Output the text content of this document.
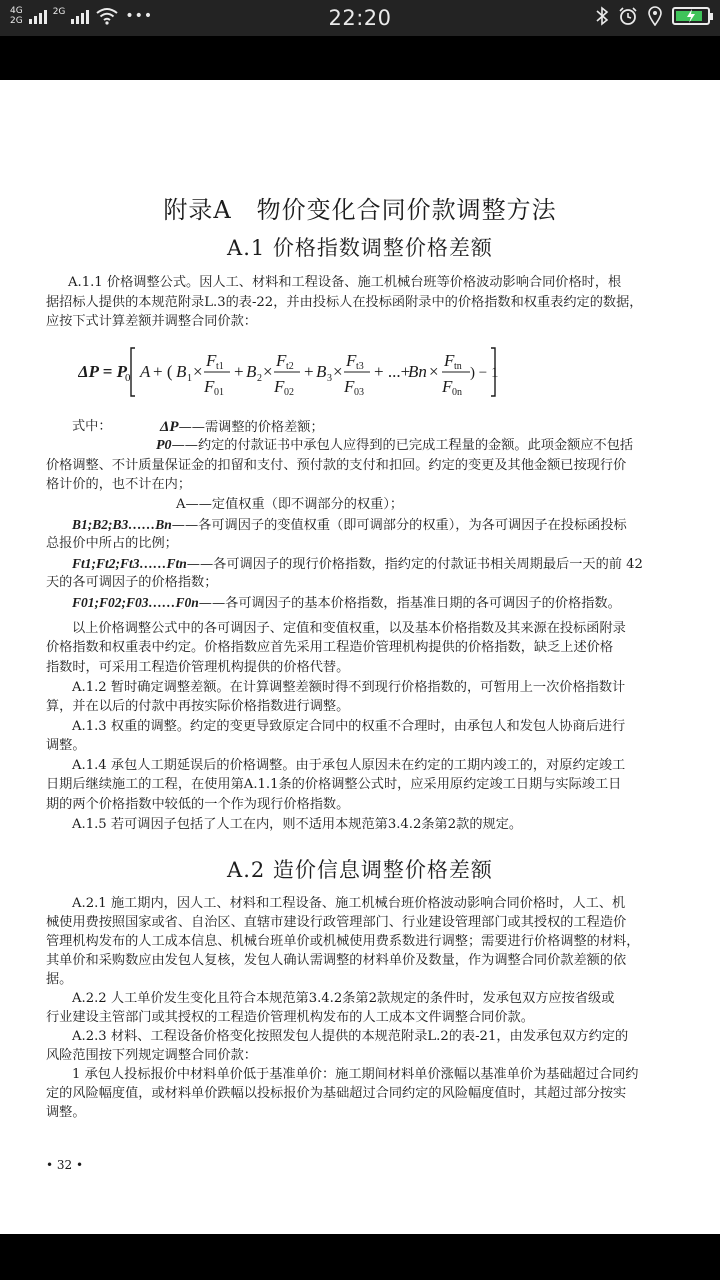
4G
2G
2G	•••	22:20
附录A　物价变化合同价款调整方法
A.1 价格指数调整价格差额
A.1.1 价格调整公式。因人工、材料和工程设备、施工机械台班等价格波动影响合同价格时，根
据招标人提供的本规范附录L.3的表-22，并由投标人在投标函附录中的价格指数和权重表约定的数据，
应按下式计算差额并调整合同价款：
ΔP = P
0 A + ( B 1 ×
F t1
F 01
+ B 2 ×
F t2
F 02
+ B 3 ×
F t3
F 03
+ ...+
Bn ×
F tn
F 0n
) − 1
式中：	ΔP——需调整的价格差额；
P0——约定的付款证书中承包人应得到的已完成工程量的金额。此项金额应不包括
价格调整、不计质量保证金的扣留和支付、预付款的支付和扣回。约定的变更及其他金额已按现行价
格计价的，也不计在内；
A——定值权重（即不调部分的权重）；
B1;B2;B3……Bn——各可调因子的变值权重（即可调部分的权重），为各可调因子在投标函投标
总报价中所占的比例；
Ft1;Ft2;Ft3……Ftn——各可调因子的现行价格指数，指约定的付款证书相关周期最后一天的前 42
天的各可调因子的价格指数；
F01;F02;F03……F0n——各可调因子的基本价格指数，指基准日期的各可调因子的价格指数。
以上价格调整公式中的各可调因子、定值和变值权重，以及基本价格指数及其来源在投标函附录
价格指数和权重表中约定。价格指数应首先采用工程造价管理机构提供的价格指数，缺乏上述价格
指数时，可采用工程造价管理机构提供的价格代替。
A.1.2 暂时确定调整差额。在计算调整差额时得不到现行价格指数的，可暂用上一次价格指数计
算，并在以后的付款中再按实际价格指数进行调整。
A.1.3 权重的调整。约定的变更导致原定合同中的权重不合理时，由承包人和发包人协商后进行
调整。
A.1.4 承包人工期延误后的价格调整。由于承包人原因未在约定的工期内竣工的，对原约定竣工
日期后继续施工的工程，在使用第A.1.1条的价格调整公式时，应采用原约定竣工日期与实际竣工日
期的两个价格指数中较低的一个作为现行价格指数。
A.1.5 若可调因子包括了人工在内，则不适用本规范第3.4.2条第2款的规定。
A.2 造价信息调整价格差额
A.2.1 施工期内，因人工、材料和工程设备、施工机械台班价格波动影响合同价格时，人工、机
械使用费按照国家或省、自治区、直辖市建设行政管理部门、行业建设管理部门或其授权的工程造价
管理机构发布的人工成本信息、机械台班单价或机械使用费系数进行调整；需要进行价格调整的材料，
其单价和采购数应由发包人复核，发包人确认需调整的材料单价及数量，作为调整合同价款差额的依
据。
A.2.2 人工单价发生变化且符合本规范第3.4.2条第2款规定的条件时，发承包双方应按省级或
行业建设主管部门或其授权的工程造价管理机构发布的人工成本文件调整合同价款。
A.2.3 材料、工程设备价格变化按照发包人提供的本规范附录L.2的表-21，由发承包双方约定的
风险范围按下列规定调整合同价款：
1 承包人投标报价中材料单价低于基准单价：施工期间材料单价涨幅以基准单价为基础超过合同约
定的风险幅度值，或材料单价跌幅以投标报价为基础超过合同约定的风险幅度值时，其超过部分按实
调整。
• 32 •
